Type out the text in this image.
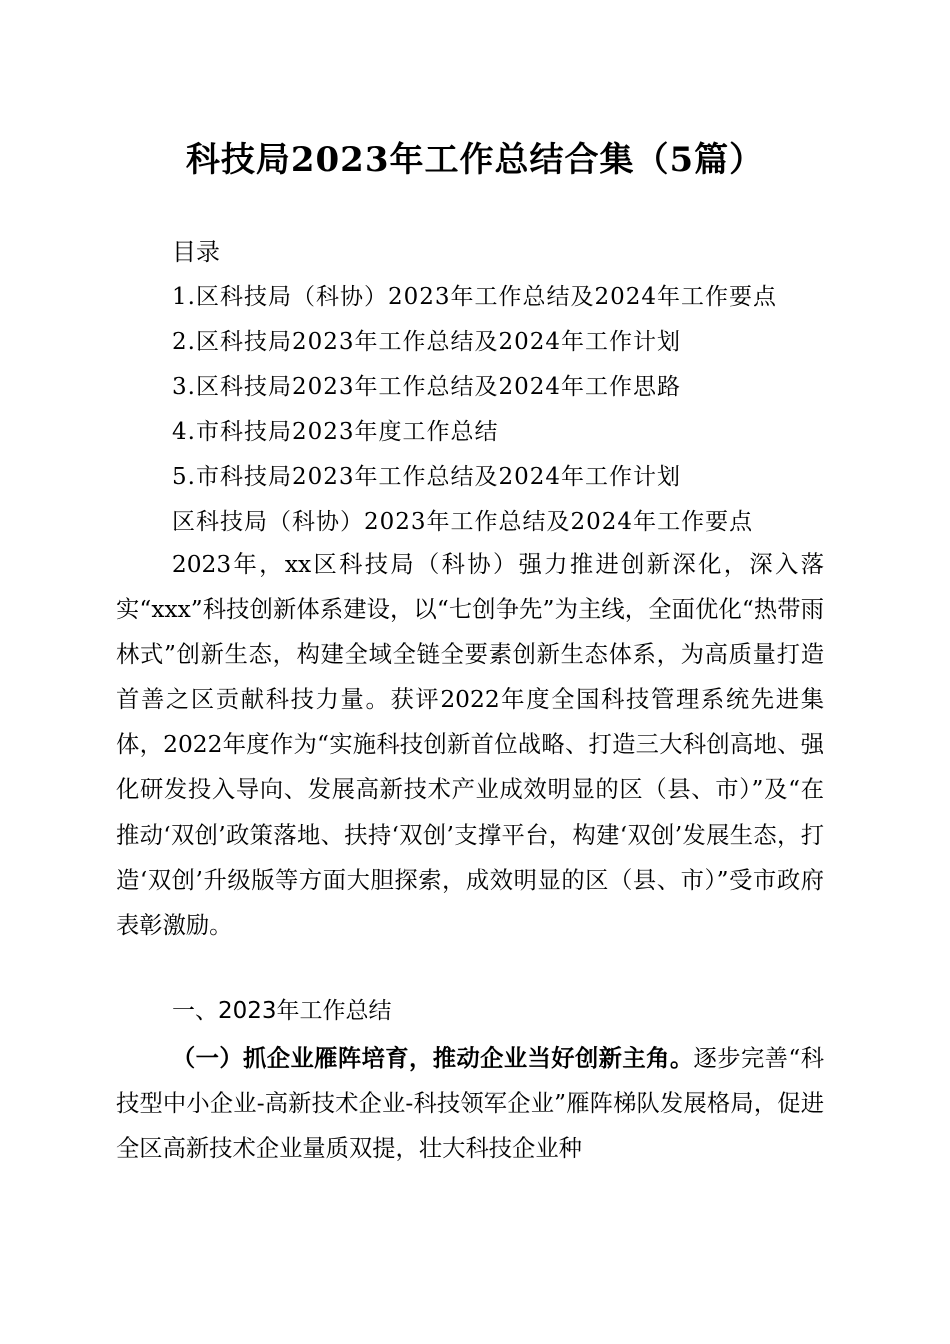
科技局2023年工作总结合集（5篇）

目录

1.区科技局（科协）2023年工作总结及2024年工作要点
2.区科技局2023年工作总结及2024年工作计划
3.区科技局2023年工作总结及2024年工作思路
4.市科技局2023年度工作总结
5.市科技局2023年工作总结及2024年工作计划

区科技局（科协）2023年工作总结及2024年工作要点

2023年，xx区科技局（科协）强力推进创新深化，深入落实“xxx”科技创新体系建设，以“七创争先”为主线，全面优化“热带雨林式”创新生态，构建全域全链全要素创新生态体系，为高质量打造首善之区贡献科技力量。获评2022年度全国科技管理系统先进集体，2022年度作为“实施科技创新首位战略、打造三大科创高地、强化研发投入导向、发展高新技术产业成效明显的区（县、市）”及“在推动‘双创’政策落地、扶持‘双创’支撑平台，构建‘双创’发展生态，打造‘双创’升级版等方面大胆探索，成效明显的区（县、市）”受市政府表彰激励。

一、2023年工作总结

（一）抓企业雁阵培育，推动企业当好创新主角。逐步完善“科技型中小企业-高新技术企业-科技领军企业”雁阵梯队发展格局，促进全区高新技术企业量质双提，壮大科技企业种
